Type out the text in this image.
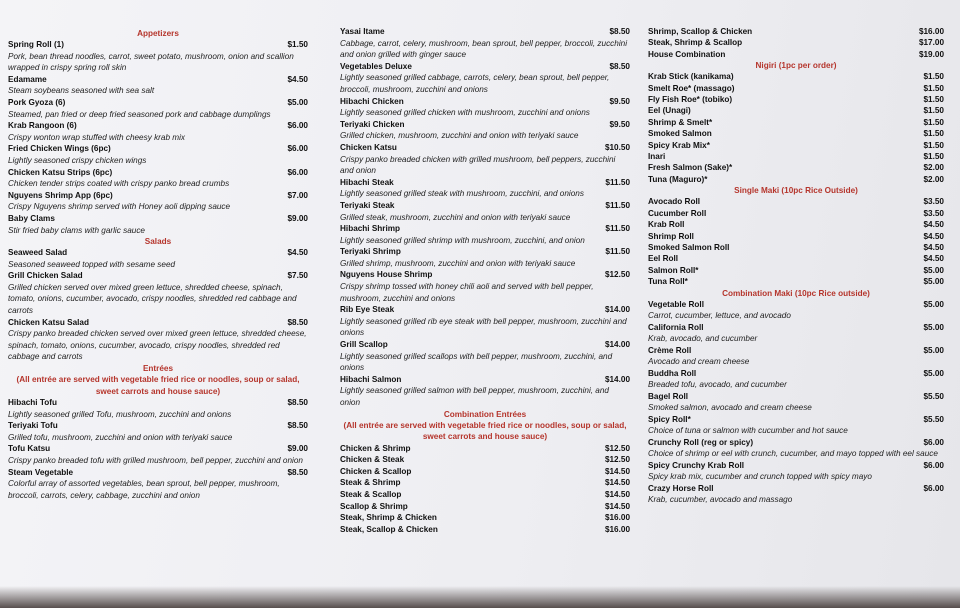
Appetizers
Spring Roll (1)	$1.50
Pork, bean thread noodles, carrot, sweet potato, mushroom, onion and scallion wrapped in crispy spring roll skin
Edamame	$4.50
Steam soybeans seasoned with sea salt
Pork Gyoza (6)	$5.00
Steamed, pan fried or deep fried seasoned pork and cabbage dumplings
Krab Rangoon (6)	$6.00
Crispy wonton wrap stuffed with cheesy krab mix
Fried Chicken Wings (6pc)	$6.00
Lightly seasoned crispy chicken wings
Chicken Katsu Strips (6pc)	$6.00
Chicken tender strips coated with crispy panko bread crumbs
Nguyens Shrimp App (6pc)	$7.00
Crispy Nguyens shrimp served with Honey aoli dipping sauce
Baby Clams	$9.00
Stir fried baby clams with garlic sauce
Salads
Seaweed Salad	$4.50
Seasoned seaweed topped with sesame seed
Grill Chicken Salad	$7.50
Grilled chicken served over mixed green lettuce, shredded cheese, spinach, tomato, onions, cucumber, avocado, crispy noodles, shredded red cabbage and carrots
Chicken Katsu Salad	$8.50
Crispy panko breaded chicken served over mixed green lettuce, shredded cheese, spinach, tomato, onions, cucumber, avocado, crispy noodles, shredded red cabbage and carrots
Entrées
(All entrée are served with vegetable fried rice or noodles, soup or salad, sweet carrots and house sauce)
Hibachi Tofu	$8.50
Lightly seasoned grilled Tofu, mushroom, zucchini and onions
Teriyaki Tofu	$8.50
Grilled tofu, mushroom, zucchini and onion with teriyaki sauce
Tofu Katsu	$9.00
Crispy panko breaded tofu with grilled mushroom, bell pepper, zucchini and onion
Steam Vegetable	$8.50
Colorful array of assorted vegetables, bean sprout, bell pepper, mushroom, broccoli, carrots, celery, cabbage, zucchini and onion
Yasai Itame	$8.50
Cabbage, carrot, celery, mushroom, bean sprout, bell pepper, broccoli, zucchini and onion grilled with ginger sauce
Vegetables Deluxe	$8.50
Lightly seasoned grilled cabbage, carrots, celery, bean sprout, bell pepper, broccoli, mushroom, zucchini and onions
Hibachi Chicken	$9.50
Lightly seasoned grilled chicken with mushroom, zucchini and onions
Teriyaki Chicken	$9.50
Grilled chicken, mushroom, zucchini and onion with teriyaki sauce
Chicken Katsu	$10.50
Crispy panko breaded chicken with grilled mushroom, bell peppers, zucchini and onion
Hibachi Steak	$11.50
Lightly seasoned grilled steak with mushroom, zucchini, and onions
Teriyaki Steak	$11.50
Grilled steak, mushroom, zucchini and onion with teriyaki sauce
Hibachi Shrimp	$11.50
Lightly seasoned grilled shrimp with mushroom, zucchini, and onion
Teriyaki Shrimp	$11.50
Grilled shrimp, mushroom, zucchini and onion with teriyaki sauce
Nguyens House Shrimp	$12.50
Crispy shrimp tossed with honey chili aoli and served with bell pepper, mushroom, zucchini and onions
Rib Eye Steak	$14.00
Lightly seasoned grilled rib eye steak with bell pepper, mushroom, zucchini and onions
Grill Scallop	$14.00
Lightly seasoned grilled scallops with bell pepper, mushroom, zucchini, and onions
Hibachi Salmon	$14.00
Lightly seasoned grilled salmon with bell pepper, mushroom, zucchini, and onion
Combination Entrées
(All entrée are served with vegetable fried rice or noodles, soup or salad, sweet carrots and house sauce)
Chicken & Shrimp	$12.50
Chicken & Steak	$12.50
Chicken & Scallop	$14.50
Steak & Shrimp	$14.50
Steak & Scallop	$14.50
Scallop & Shrimp	$14.50
Steak, Shrimp & Chicken	$16.00
Steak, Scallop & Chicken	$16.00
Shrimp, Scallop & Chicken	$16.00
Steak, Shrimp & Scallop	$17.00
House Combination	$19.00
Nigiri (1pc per order)
Krab Stick (kanikama)	$1.50
Smelt Roe* (massago)	$1.50
Fly Fish Roe* (tobiko)	$1.50
Eel (Unagi)	$1.50
Shrimp & Smelt*	$1.50
Smoked Salmon	$1.50
Spicy Krab Mix*	$1.50
Inari	$1.50
Fresh Salmon (Sake)*	$2.00
Tuna (Maguro)*	$2.00
Single Maki (10pc Rice Outside)
Avocado Roll	$3.50
Cucumber Roll	$3.50
Krab Roll	$4.50
Shrimp Roll	$4.50
Smoked Salmon Roll	$4.50
Eel Roll	$4.50
Salmon Roll*	$5.00
Tuna Roll*	$5.00
Combination Maki (10pc Rice outside)
Vegetable Roll	$5.00
Carrot, cucumber, lettuce, and avocado
California Roll	$5.00
Krab, avocado, and cucumber
Crème Roll	$5.00
Avocado and cream cheese
Buddha Roll	$5.00
Breaded tofu, avocado, and cucumber
Bagel Roll	$5.50
Smoked salmon, avocado and cream cheese
Spicy Roll*	$5.50
Choice of tuna or salmon with cucumber and hot sauce
Crunchy Roll (reg or spicy)	$6.00
Choice of shrimp or eel with crunch, cucumber, and mayo topped with eel sauce
Spicy Crunchy Krab Roll	$6.00
Spicy krab mix, cucumber and crunch topped with spicy mayo
Crazy Horse Roll	$6.00
Krab, cucumber, avocado and massago
